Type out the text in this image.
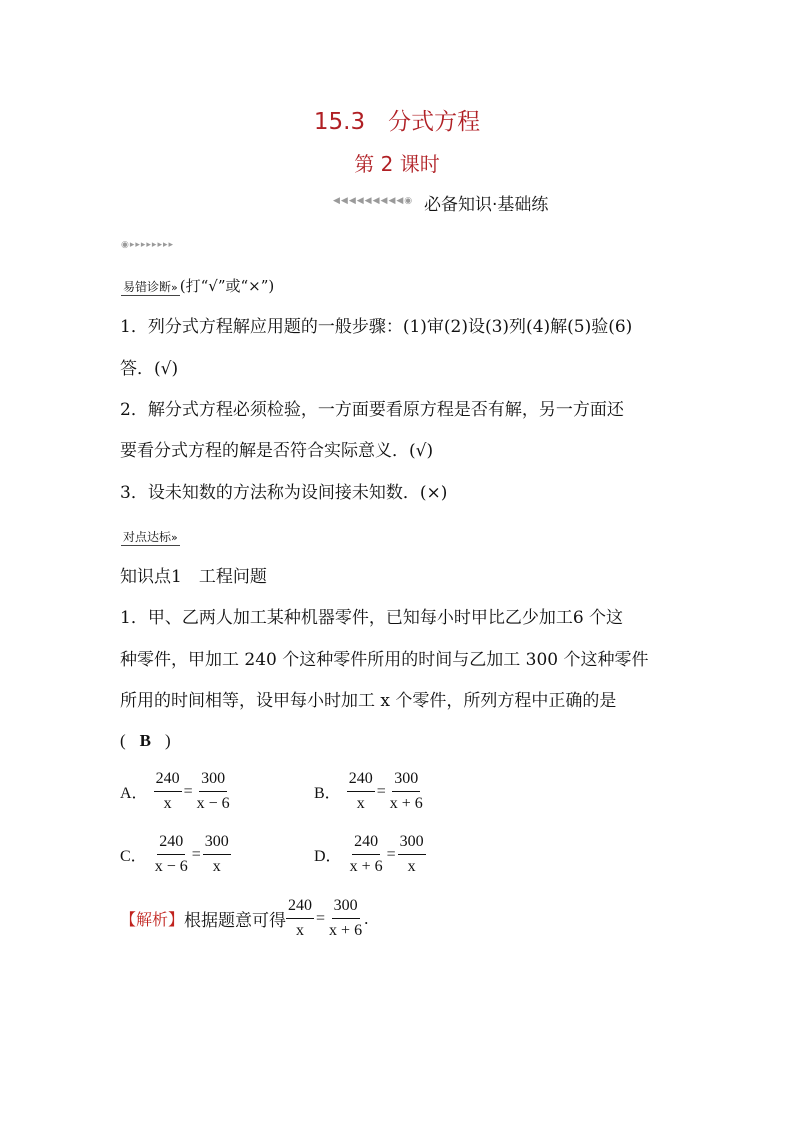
15.3　分式方程
第 2 课时
◀◀◀◀◀◀◀◀◀◉ 必备知识·基础练
◉▸▸▸▸▸▸▸▸
易错诊断» (打“√”或“×”)
1．列分式方程解应用题的一般步骤：(1)审(2)设(3)列(4)解(5)验(6)
答．(√)
2．解分式方程必须检验，一方面要看原方程是否有解，另一方面还
要看分式方程的解是否符合实际意义．(√)
3．设未知数的方法称为设间接未知数．(×)
对点达标»
知识点1　工程问题
1．甲、乙两人加工某种机器零件，已知每小时甲比乙少加工6 个这
种零件，甲加工 240 个这种零件所用的时间与乙加工 300 个这种零件
所用的时间相等，设甲每小时加工 x 个零件，所列方程中正确的是
( B )
A． $\frac{240}{x} = \frac{300}{x - 6}$	B． $\frac{240}{x} = \frac{300}{x + 6}$
C． $\frac{240}{x - 6} = \frac{300}{x}$	D． $\frac{240}{x + 6} = \frac{300}{x}$
【解析】 根据题意可得 $\frac{240}{x} = \frac{300}{x + 6}$ .
